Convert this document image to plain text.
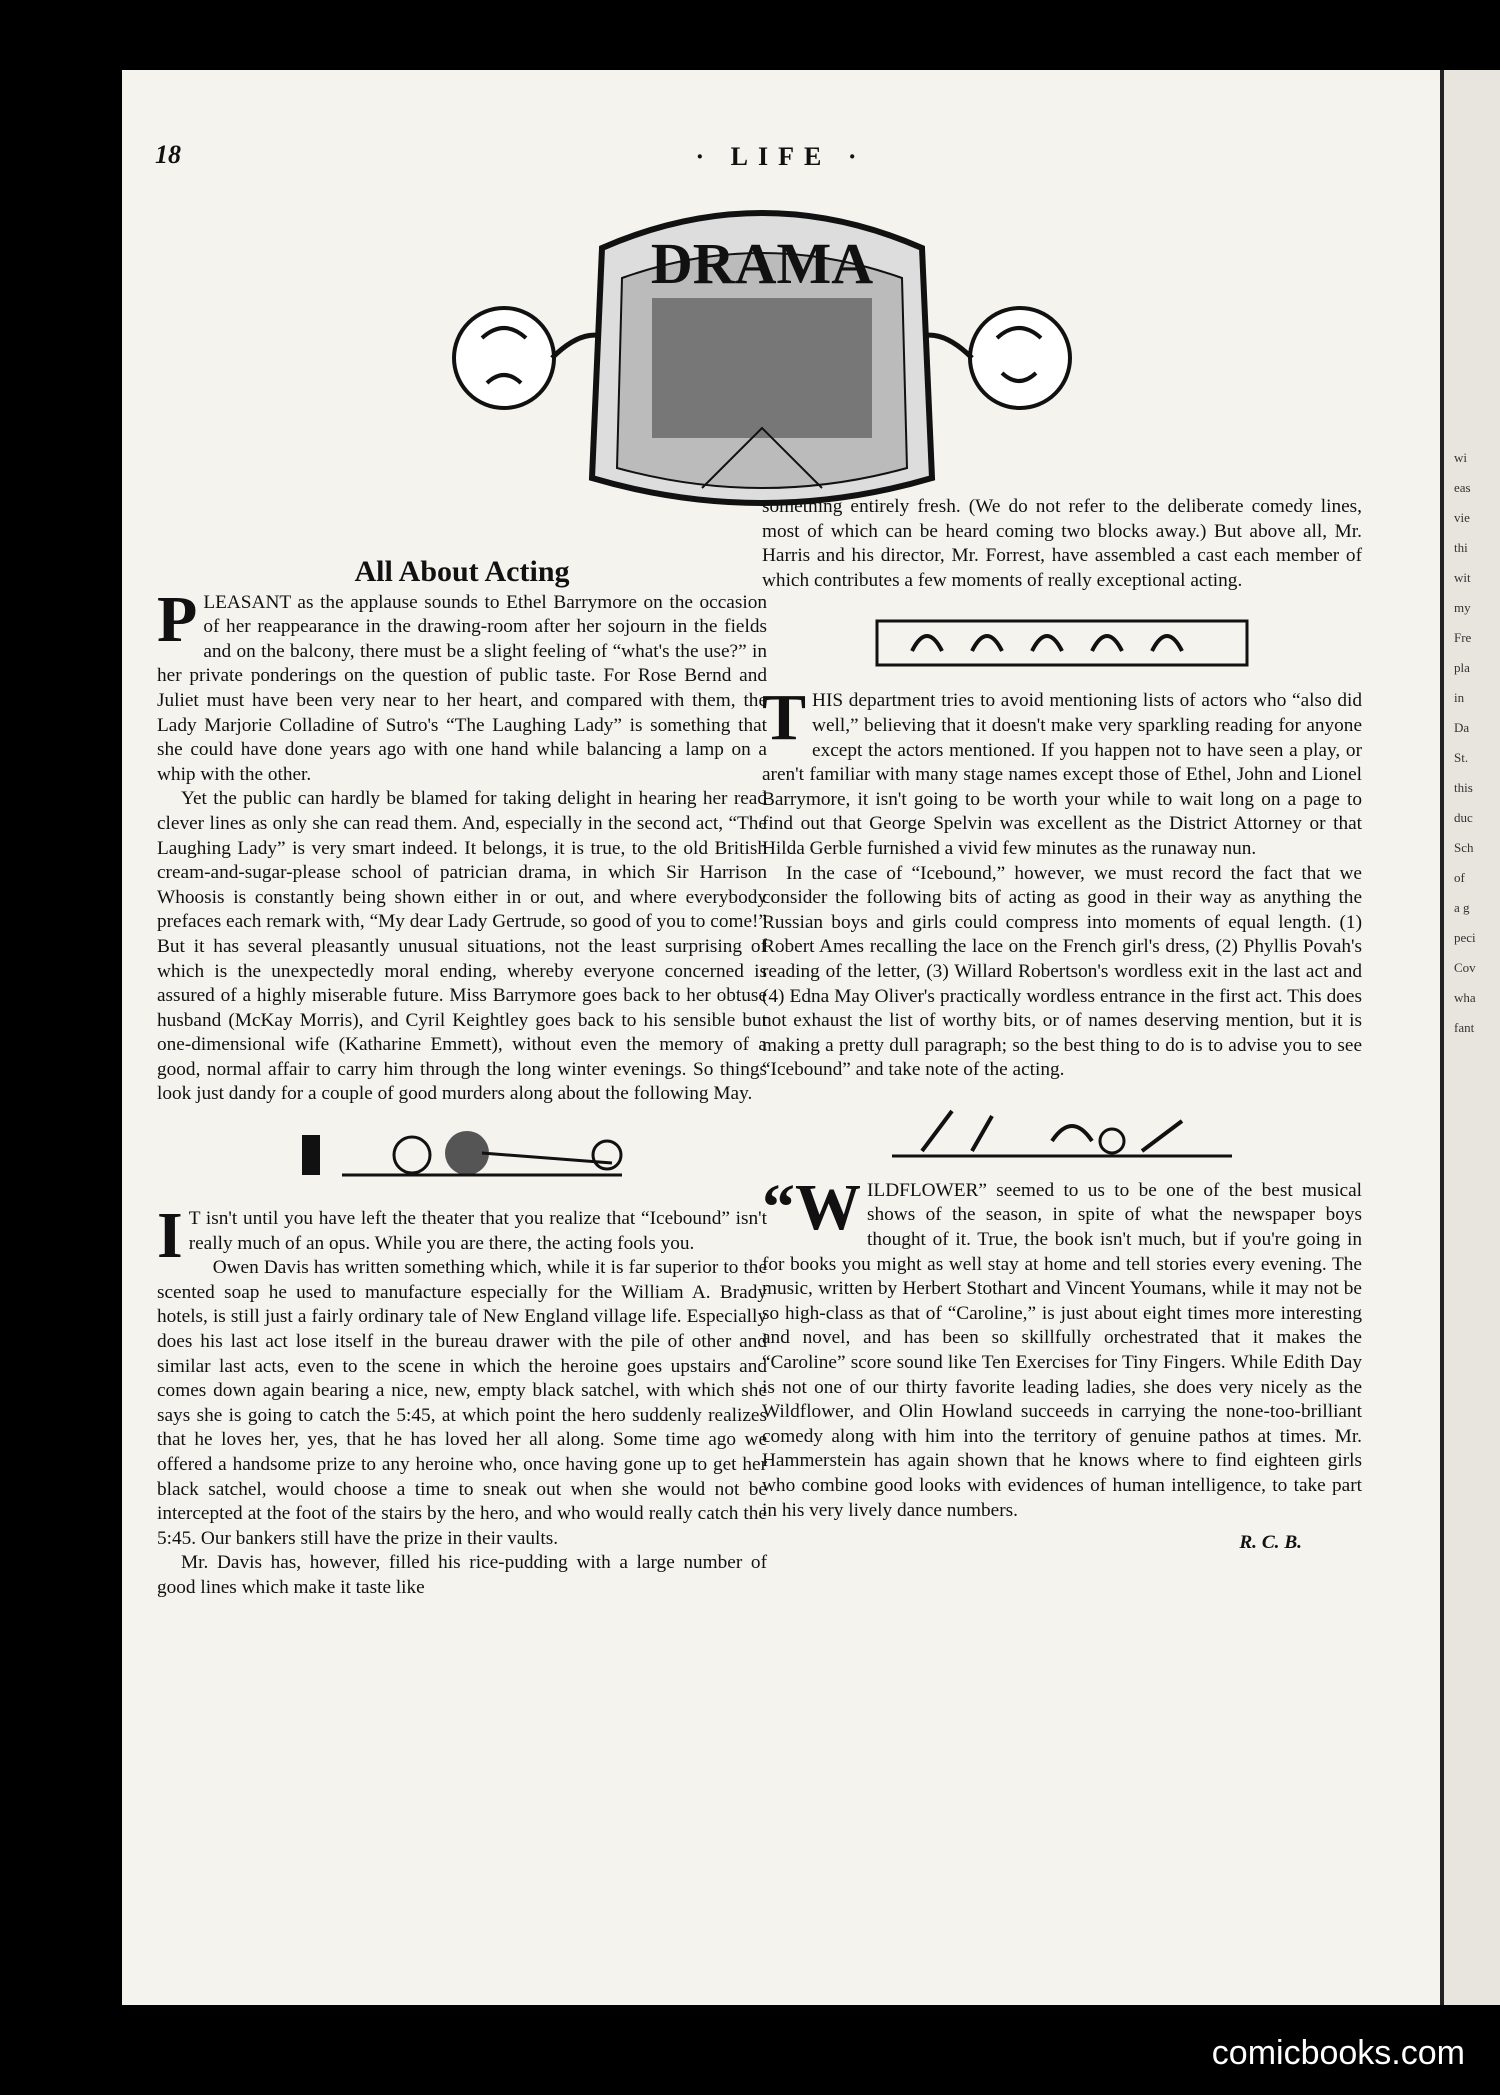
18	· LIFE ·
DRAMA
All About Acting

PLEASANT as the applause sounds to Ethel Barrymore on the occasion of her reappearance in the drawing-room after her sojourn in the fields and on the balcony, there must be a slight feeling of “what's the use?” in her private ponderings on the question of public taste. For Rose Bernd and Juliet must have been very near to her heart, and compared with them, the Lady Marjorie Colladine of Sutro's “The Laughing Lady” is something that she could have done years ago with one hand while balancing a lamp on a whip with the other.

Yet the public can hardly be blamed for taking delight in hearing her read clever lines as only she can read them. And, especially in the second act, “The Laughing Lady” is very smart indeed. It belongs, it is true, to the old British cream-and-sugar-please school of patrician drama, in which Sir Harrison Whoosis is constantly being shown either in or out, and where everybody prefaces each remark with, “My dear Lady Gertrude, so good of you to come!” But it has several pleasantly unusual situations, not the least surprising of which is the unexpectedly moral ending, whereby everyone concerned is assured of a highly miserable future. Miss Barrymore goes back to her obtuse husband (McKay Morris), and Cyril Keightley goes back to his sensible but one-dimensional wife (Katharine Emmett), without even the memory of a good, normal affair to carry him through the long winter evenings. So things look just dandy for a couple of good murders along about the following May.

I T isn't until you have left the theater that you realize that “Icebound” isn't really much of an opus. While you are there, the acting fools you.

Owen Davis has written something which, while it is far superior to the scented soap he used to manufacture especially for the William A. Brady hotels, is still just a fairly ordinary tale of New England village life. Especially does his last act lose itself in the bureau drawer with the pile of other and similar last acts, even to the scene in which the heroine goes upstairs and comes down again bearing a nice, new, empty black satchel, with which she says she is going to catch the 5:45, at which point the hero suddenly realizes that he loves her, yes, that he has loved her all along. Some time ago we offered a handsome prize to any heroine who, once having gone up to get her black satchel, would choose a time to sneak out when she would not be intercepted at the foot of the stairs by the hero, and who would really catch the 5:45. Our bankers still have the prize in their vaults.

Mr. Davis has, however, filled his rice-pudding with a large number of good lines which make it taste like

something entirely fresh. (We do not refer to the deliberate comedy lines, most of which can be heard coming two blocks away.) But above all, Mr. Harris and his director, Mr. Forrest, have assembled a cast each member of which contributes a few moments of really exceptional acting.

THIS department tries to avoid mentioning lists of actors who “also did well,” believing that it doesn't make very sparkling reading for anyone except the actors mentioned. If you happen not to have seen a play, or aren't familiar with many stage names except those of Ethel, John and Lionel Barrymore, it isn't going to be worth your while to wait long on a page to find out that George Spelvin was excellent as the District Attorney or that Hilda Gerble furnished a vivid few minutes as the runaway nun.

In the case of “Icebound,” however, we must record the fact that we consider the following bits of acting as good in their way as anything the Russian boys and girls could compress into moments of equal length. (1) Robert Ames recalling the lace on the French girl's dress, (2) Phyllis Povah's reading of the letter, (3) Willard Robertson's wordless exit in the last act and (4) Edna May Oliver's practically wordless entrance in the first act. This does not exhaust the list of worthy bits, or of names deserving mention, but it is making a pretty dull paragraph; so the best thing to do is to advise you to see “Icebound” and take note of the acting.

“WILDFLOWER” seemed to us to be one of the best musical shows of the season, in spite of what the newspaper boys thought of it. True, the book isn't much, but if you're going in for books you might as well stay at home and tell stories every evening. The music, written by Herbert Stothart and Vincent Youmans, while it may not be so high-class as that of “Caroline,” is just about eight times more interesting and novel, and has been so skillfully orchestrated that it makes the “Caroline” score sound like Ten Exercises for Tiny Fingers. While Edith Day is not one of our thirty favorite leading ladies, she does very nicely as the Wildflower, and Olin Howland succeeds in carrying the none-too-brilliant comedy along with him into the territory of genuine pathos at times. Mr. Hammerstein has again shown that he knows where to find eighteen girls who combine good looks with evidences of human intelligence, to take part in his very lively dance numbers.

R. C. B.
wi
eas
vie
thi
wit
my
Fre
pla
in
Da
St.
this
duc
Sch
of
a g
peci
Cov
wha
fant
comicbooks.com
